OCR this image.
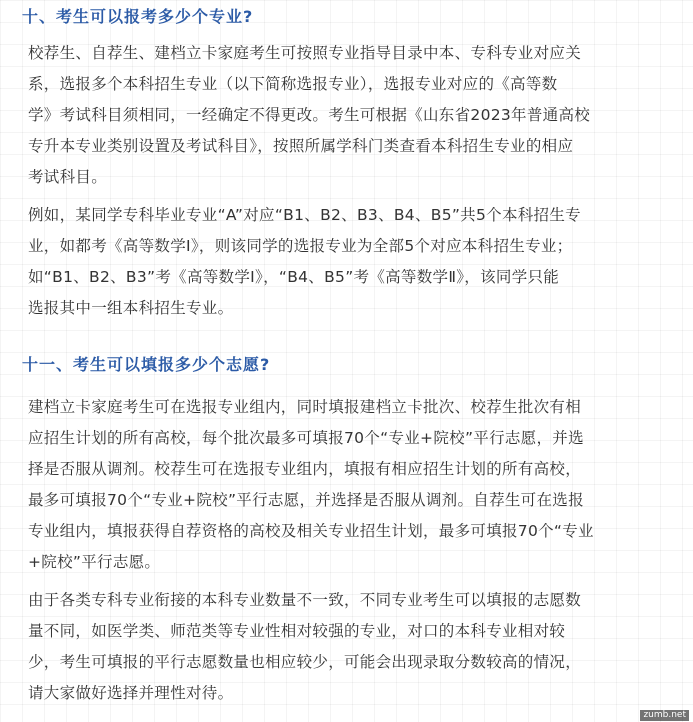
十、考生可以报考多少个专业?

校荐生、自荐生、建档立卡家庭考生可按照专业指导目录中本、专科专业对应关
系，选报多个本科招生专业（以下简称选报专业），选报专业对应的《高等数
学》考试科目须相同，一经确定不得更改。考生可根据《山东省2023年普通高校
专升本专业类别设置及考试科目》，按照所属学科门类查看本科招生专业的相应
考试科目。

例如，某同学专科毕业专业“A”对应“B1、B2、B3、B4、B5”共5个本科招生专
业，如都考《高等数学Ⅰ》，则该同学的选报专业为全部5个对应本科招生专业；
如“B1、B2、B3”考《高等数学Ⅰ》，“B4、B5”考《高等数学Ⅱ》，该同学只能
选报其中一组本科招生专业。

十一、考生可以填报多少个志愿?

建档立卡家庭考生可在选报专业组内，同时填报建档立卡批次、校荐生批次有相
应招生计划的所有高校，每个批次最多可填报70个“专业+院校”平行志愿，并选
择是否服从调剂。校荐生可在选报专业组内，填报有相应招生计划的所有高校，
最多可填报70个“专业+院校”平行志愿，并选择是否服从调剂。自荐生可在选报
专业组内，填报获得自荐资格的高校及相关专业招生计划，最多可填报70个“专业
+院校”平行志愿。

由于各类专科专业衔接的本科专业数量不一致，不同专业考生可以填报的志愿数
量不同，如医学类、师范类等专业性相对较强的专业，对口的本科专业相对较
少，考生可填报的平行志愿数量也相应较少，可能会出现录取分数较高的情况，
请大家做好选择并理性对待。

zumb.net
